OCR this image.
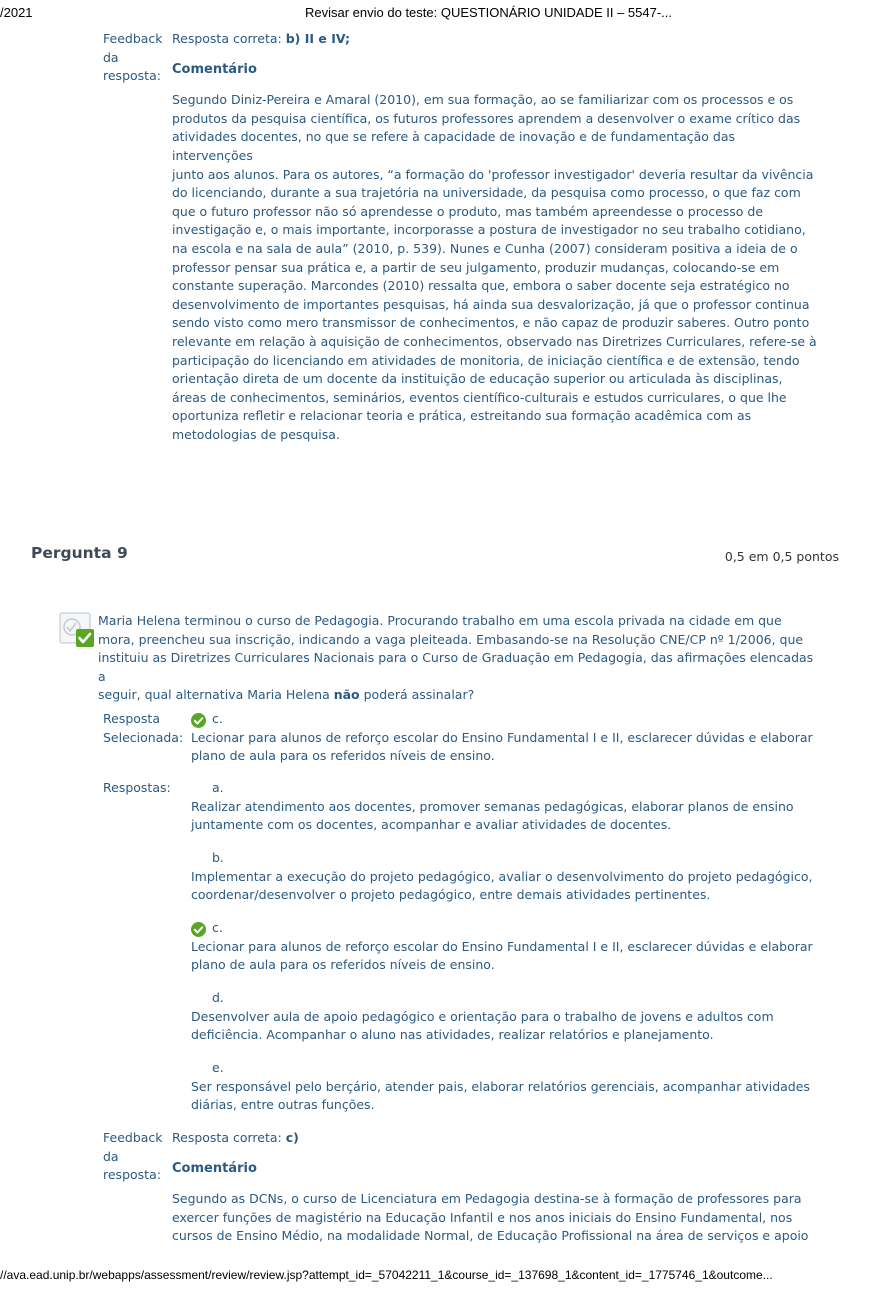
/2021	Revisar envio do teste: QUESTIONÁRIO UNIDADE II – 5547-...
Feedback
da
resposta:
Resposta correta: b) II e IV;
Comentário
Segundo Diniz-Pereira e Amaral (2010), em sua formação, ao se familiarizar com os processos e os
produtos da pesquisa científica, os futuros professores aprendem a desenvolver o exame crítico das
atividades docentes, no que se refere à capacidade de inovação e de fundamentação das intervenções
junto aos alunos. Para os autores, “a formação do 'professor investigador' deveria resultar da vivência
do licenciando, durante a sua trajetória na universidade, da pesquisa como processo, o que faz com
que o futuro professor não só aprendesse o produto, mas também apreendesse o processo de
investigação e, o mais importante, incorporasse a postura de investigador no seu trabalho cotidiano,
na escola e na sala de aula” (2010, p. 539). Nunes e Cunha (2007) consideram positiva a ideia de o
professor pensar sua prática e, a partir de seu julgamento, produzir mudanças, colocando-se em
constante superação. Marcondes (2010) ressalta que, embora o saber docente seja estratégico no
desenvolvimento de importantes pesquisas, há ainda sua desvalorização, já que o professor continua
sendo visto como mero transmissor de conhecimentos, e não capaz de produzir saberes. Outro ponto
relevante em relação à aquisição de conhecimentos, observado nas Diretrizes Curriculares, refere-se à
participação do licenciando em atividades de monitoria, de iniciação científica e de extensão, tendo
orientação direta de um docente da instituição de educação superior ou articulada às disciplinas,
áreas de conhecimentos, seminários, eventos científico-culturais e estudos curriculares, o que lhe
oportuniza refletir e relacionar teoria e prática, estreitando sua formação acadêmica com as
metodologias de pesquisa.
Pergunta 9	0,5 em 0,5 pontos
Maria Helena terminou o curso de Pedagogia. Procurando trabalho em uma escola privada na cidade em que
mora, preencheu sua inscrição, indicando a vaga pleiteada. Embasando-se na Resolução CNE/CP nº 1/2006, que
instituiu as Diretrizes Curriculares Nacionais para o Curso de Graduação em Pedagogia, das afirmações elencadas a
seguir, qual alternativa Maria Helena não poderá assinalar?
Resposta
Selecionada:
c.
Lecionar para alunos de reforço escolar do Ensino Fundamental I e II, esclarecer dúvidas e elaborar
plano de aula para os referidos níveis de ensino.
Respostas:	a.
Realizar atendimento aos docentes, promover semanas pedagógicas, elaborar planos de ensino
juntamente com os docentes, acompanhar e avaliar atividades de docentes.
b.
Implementar a execução do projeto pedagógico, avaliar o desenvolvimento do projeto pedagógico,
coordenar/desenvolver o projeto pedagógico, entre demais atividades pertinentes.
c.
Lecionar para alunos de reforço escolar do Ensino Fundamental I e II, esclarecer dúvidas e elaborar
plano de aula para os referidos níveis de ensino.
d.
Desenvolver aula de apoio pedagógico e orientação para o trabalho de jovens e adultos com
deficiência. Acompanhar o aluno nas atividades, realizar relatórios e planejamento.
e.
Ser responsável pelo berçário, atender pais, elaborar relatórios gerenciais, acompanhar atividades
diárias, entre outras funções.
Feedback
da
resposta:
Resposta correta: c)
Comentário
Segundo as DCNs, o curso de Licenciatura em Pedagogia destina-se à formação de professores para
exercer funções de magistério na Educação Infantil e nos anos iniciais do Ensino Fundamental, nos
cursos de Ensino Médio, na modalidade Normal, de Educação Profissional na área de serviços e apoio
//ava.ead.unip.br/webapps/assessment/review/review.jsp?attempt_id=_57042211_1&course_id=_137698_1&content_id=_1775746_1&outcome...
